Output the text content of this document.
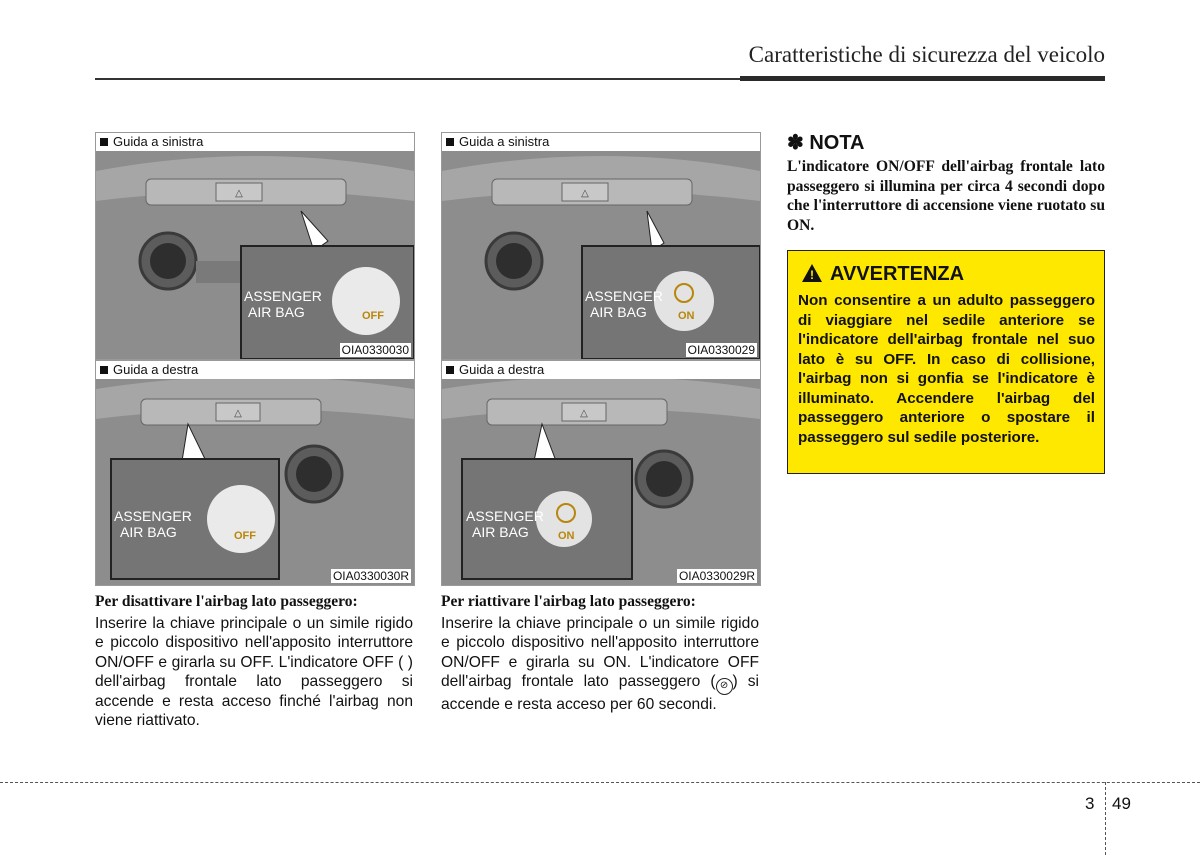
Caratteristiche di sicurezza del veicolo
Guida a sinistra
△
ASSENGER
AIR BAG	OFF
OIA0330030
Guida a destra
△
ASSENGER
AIR BAG	OFF
OIA0330030R
Guida a sinistra
△
ASSENGER
AIR BAG	ON
OIA0330029
Guida a destra
△
ASSENGER
AIR BAG	ON
OIA0330029R
Per disattivare l'airbag lato passeggero:
Inserire la chiave principale o un simile rigido e piccolo dispositivo nell'apposito interruttore ON/OFF e girarla su OFF. L'indicatore OFF ( ) dell'airbag frontale lato passeggero si accende e resta acceso finché l'airbag non viene riattivato.
Per riattivare l'airbag lato passeggero:
Inserire la chiave principale o un simile rigido e piccolo dispositivo nell'apposito interruttore ON/OFF e girarla su ON. L'indicatore OFF dell'airbag frontale lato passeggero ( ⊘ ) si accende e resta acceso per 60 secondi.
✽ NOTA
L'indicatore ON/OFF dell'airbag frontale lato passeggero si illumina per circa 4 secondi dopo che l'interruttore di accensione viene ruotato su ON.
! AVVERTENZA
Non consentire a un adulto passeggero di viaggiare nel sedile anteriore se l'indicatore dell'airbag frontale nel suo lato è su OFF. In caso di collisione, l'airbag non si gonfia se l'indicatore è illuminato. Accendere l'airbag del passeggero anteriore o spostare il passeggero sul sedile posteriore.
3 49
